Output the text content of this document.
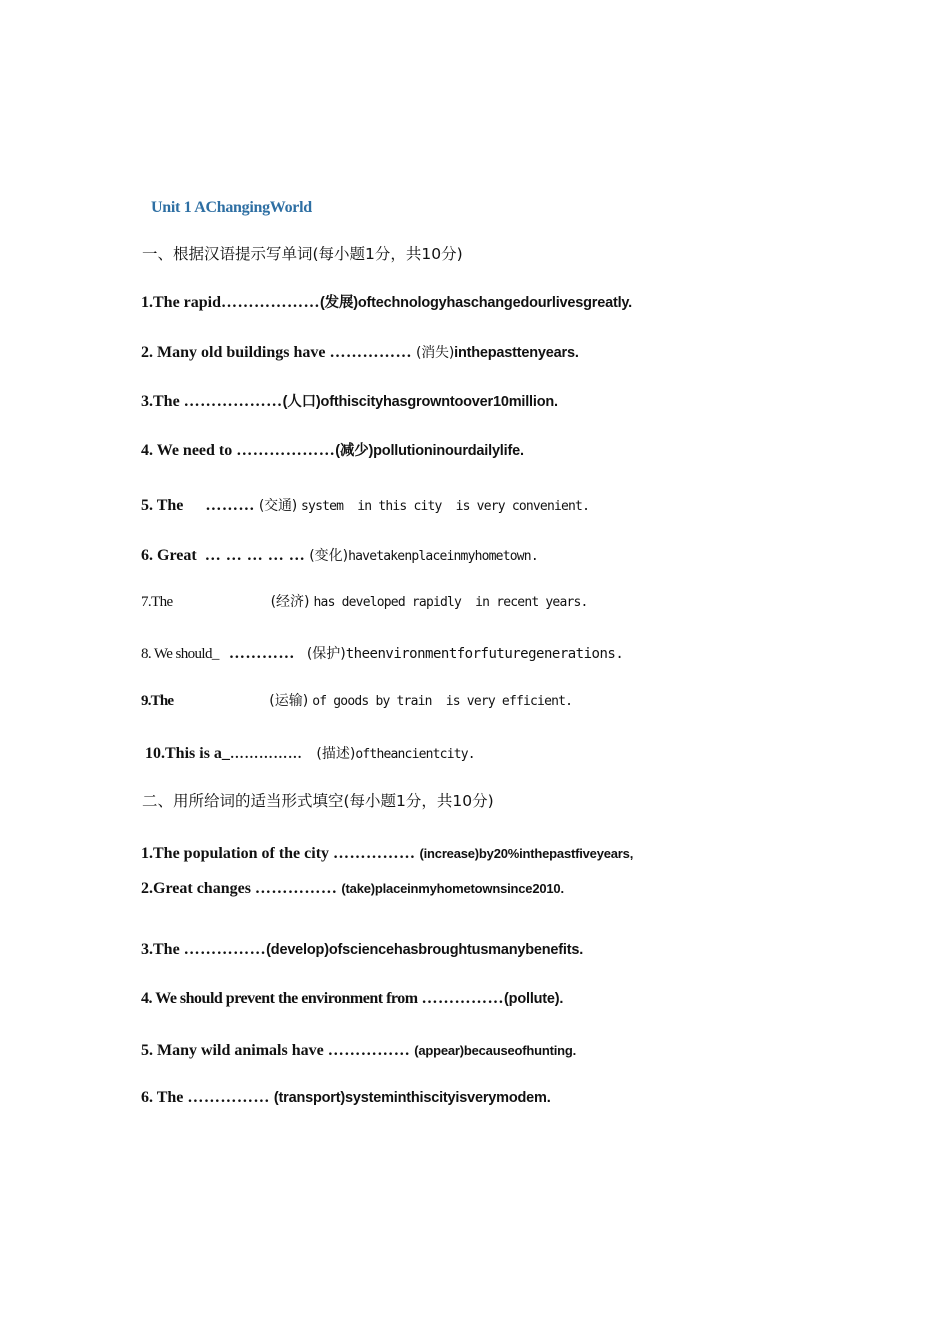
Unit 1 AChangingWorld
一、根据汉语提示写单词(每小题1分，共10分)
1.The rapid………………(发展)oftechnologyhaschangedourlivesgreatly.
2. Many old buildings have …………… (消失)inthepasttenyears.
3.The ………………(人口)ofthiscityhasgrowntoover10million.
4. We need to ………………(减少)pollutioninourdailylife.
5. The ……… (交通) system  in this city  is very convenient.
6. Great … … … … … (变化)havetakenplaceinmyhometown.
7.The	(经济) has developed rapidly  in recent years.
8. We should_ ………… (保护)theenvironmentforfuturegenerations.
9.The	(运输) of goods by train  is very efficient.
10.This is a_…………… (描述)oftheancientcity.
二、用所给词的适当形式填空(每小题1分，共10分)
1.The population of the city …………… (increase)by20%inthepastfiveyears,
2.Great changes …………… (take)placeinmyhometownsince2010.
3.The ……………(develop)ofsciencehasbroughtusmanybenefits.
4. We should prevent the environment from ……………(pollute).
5. Many wild animals have …………… (appear)becauseofhunting.
6. The …………… (transport)systeminthiscityisverymodem.
